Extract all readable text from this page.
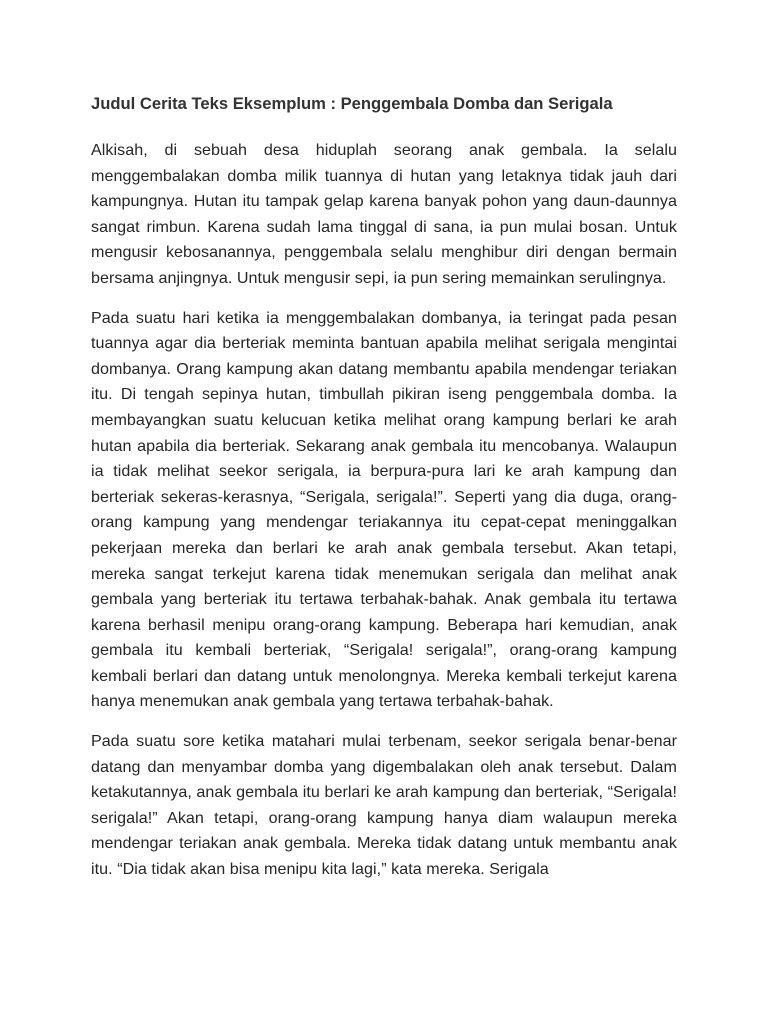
Judul Cerita Teks Eksemplum : Penggembala Domba dan Serigala

Alkisah, di sebuah desa hiduplah seorang anak gembala. Ia selalu menggembalakan domba milik tuannya di hutan yang letaknya tidak jauh dari kampungnya. Hutan itu tampak gelap karena banyak pohon yang daun-daunnya sangat rimbun. Karena sudah lama tinggal di sana, ia pun mulai bosan. Untuk mengusir kebosanannya, penggembala selalu menghibur diri dengan bermain bersama anjingnya. Untuk mengusir sepi, ia pun sering memainkan serulingnya.

Pada suatu hari ketika ia menggembalakan dombanya, ia teringat pada pesan tuannya agar dia berteriak meminta bantuan apabila melihat serigala mengintai dombanya. Orang kampung akan datang membantu apabila mendengar teriakan itu. Di tengah sepinya hutan, timbullah pikiran iseng penggembala domba. Ia membayangkan suatu kelucuan ketika melihat orang kampung berlari ke arah hutan apabila dia berteriak. Sekarang anak gembala itu mencobanya. Walaupun ia tidak melihat seekor serigala, ia berpura-pura lari ke arah kampung dan berteriak sekeras-kerasnya, “Serigala, serigala!”. Seperti yang dia duga, orang-orang kampung yang mendengar teriakannya itu cepat-cepat meninggalkan pekerjaan mereka dan berlari ke arah anak gembala tersebut. Akan tetapi, mereka sangat terkejut karena tidak menemukan serigala dan melihat anak gembala yang berteriak itu tertawa terbahak-bahak. Anak gembala itu tertawa karena berhasil menipu orang-orang kampung. Beberapa hari kemudian, anak gembala itu kembali berteriak, “Serigala! serigala!”, orang-orang kampung kembali berlari dan datang untuk menolongnya. Mereka kembali terkejut karena hanya menemukan anak gembala yang tertawa terbahak-bahak.

Pada suatu sore ketika matahari mulai terbenam, seekor serigala benar-benar datang dan menyambar domba yang digembalakan oleh anak tersebut. Dalam ketakutannya, anak gembala itu berlari ke arah kampung dan berteriak, “Serigala! serigala!” Akan tetapi, orang-orang kampung hanya diam walaupun mereka mendengar teriakan anak gembala. Mereka tidak datang untuk membantu anak itu. “Dia tidak akan bisa menipu kita lagi,” kata mereka. Serigala
